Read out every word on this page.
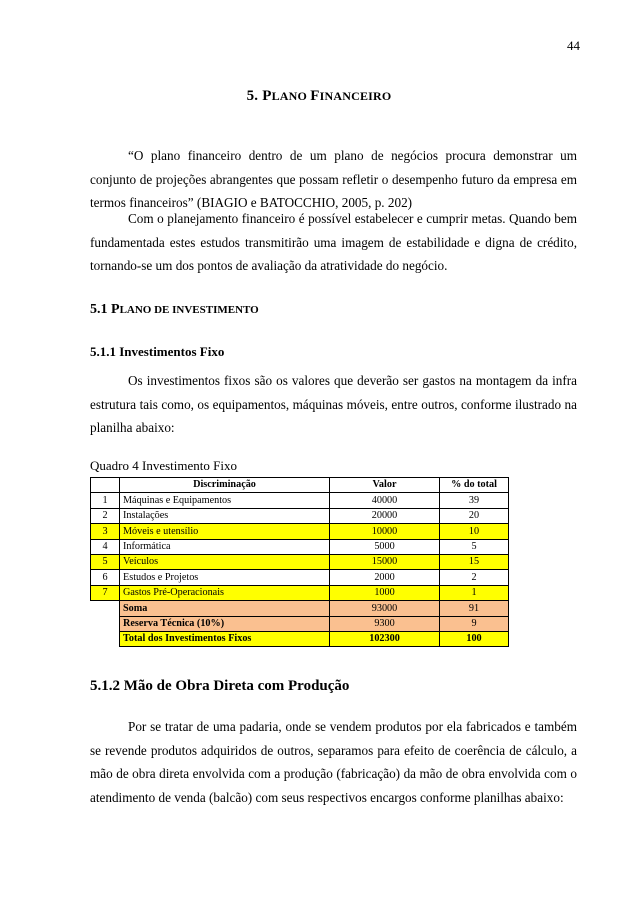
44
5. PLANO FINANCEIRO

“O plano financeiro dentro de um plano de negócios procura demonstrar um conjunto de projeções abrangentes que possam refletir o desempenho futuro da empresa em termos financeiros” (BIAGIO e BATOCCHIO, 2005, p. 202)

Com o planejamento financeiro é possível estabelecer e cumprir metas. Quando bem fundamentada estes estudos transmitirão uma imagem de estabilidade e digna de crédito, tornando-se um dos pontos de avaliação da atratividade do negócio.

5.1 PLANO DE INVESTIMENTO
5.1.1 Investimentos Fixo

Os investimentos fixos são os valores que deverão ser gastos na montagem da infra estrutura tais como, os equipamentos, máquinas móveis, entre outros, conforme ilustrado na planilha abaixo:

Quadro 4 Investimento Fixo
	Discriminação	Valor	% do total
1	Máquinas e Equipamentos	40000	39
2	Instalações	20000	20
3	Móveis e utensílio	10000	10
4	Informática	5000	5
5	Veículos	15000	15
6	Estudos e Projetos	2000	2
7	Gastos Pré-Operacionais	1000	1
	Soma	93000	91
	Reserva Técnica (10%)	9300	9
	Total dos Investimentos Fixos	102300	100
5.1.2 Mão de Obra Direta com Produção

Por se tratar de uma padaria, onde se vendem produtos por ela fabricados e também se revende produtos adquiridos de outros, separamos para efeito de coerência de cálculo, a mão de obra direta envolvida com a produção (fabricação) da mão de obra envolvida com o atendimento de venda (balcão) com seus respectivos encargos conforme planilhas abaixo:
